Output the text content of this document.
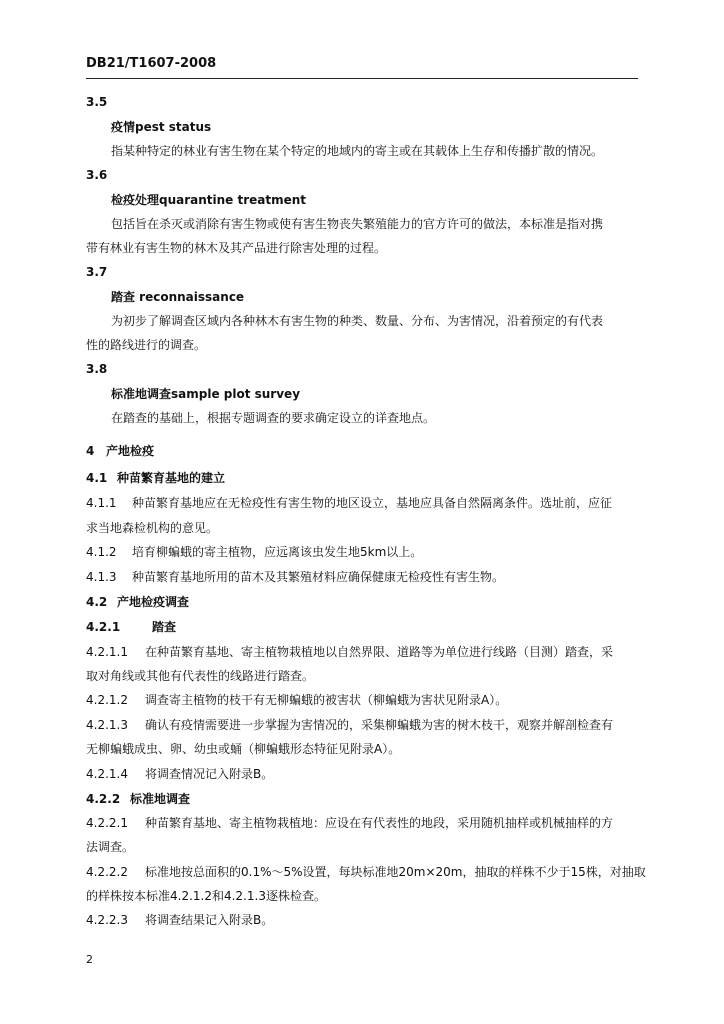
DB21/T1607-2008
3.5
疫情pest status
指某种特定的林业有害生物在某个特定的地域内的寄主或在其载体上生存和传播扩散的情况。
3.6
检疫处理quarantine treatment
包括旨在杀灭或消除有害生物或使有害生物丧失繁殖能力的官方许可的做法，本标准是指对携
带有林业有害生物的林木及其产品进行除害处理的过程。
3.7
踏查 reconnaissance
为初步了解调查区域内各种林木有害生物的种类、数量、分布、为害情况，沿着预定的有代表
性的路线进行的调查。
3.8
标准地调查sample plot survey
在踏查的基础上，根据专题调查的要求确定设立的详查地点。
4 产地检疫
4.1 种苗繁育基地的建立
4.1.1 种苗繁育基地应在无检疫性有害生物的地区设立，基地应具备自然隔离条件。选址前，应征
求当地森检机构的意见。
4.1.2 培育柳蝙蛾的寄主植物，应远离该虫发生地5km以上。
4.1.3 种苗繁育基地所用的苗木及其繁殖材料应确保健康无检疫性有害生物。
4.2 产地检疫调查
4.2.1	踏查
4.2.1.1 在种苗繁育基地、寄主植物栽植地以自然界限、道路等为单位进行线路（目测）踏查，采
取对角线或其他有代表性的线路进行踏查。
4.2.1.2 调查寄主植物的枝干有无柳蝙蛾的被害状（柳蝙蛾为害状见附录A）。
4.2.1.3 确认有疫情需要进一步掌握为害情况的，采集柳蝙蛾为害的树木枝干，观察并解剖检查有
无柳蝙蛾成虫、卵、幼虫或蛹（柳蝙蛾形态特征见附录A）。
4.2.1.4 将调查情况记入附录B。
4.2.2 标准地调查
4.2.2.1 种苗繁育基地、寄主植物栽植地：应设在有代表性的地段，采用随机抽样或机械抽样的方
法调查。
4.2.2.2 标准地按总面积的0.1%～5%设置，每块标准地20m×20m，抽取的样株不少于15株，对抽取
的样株按本标准4.2.1.2和4.2.1.3逐株检查。
4.2.2.3 将调查结果记入附录B。
2
